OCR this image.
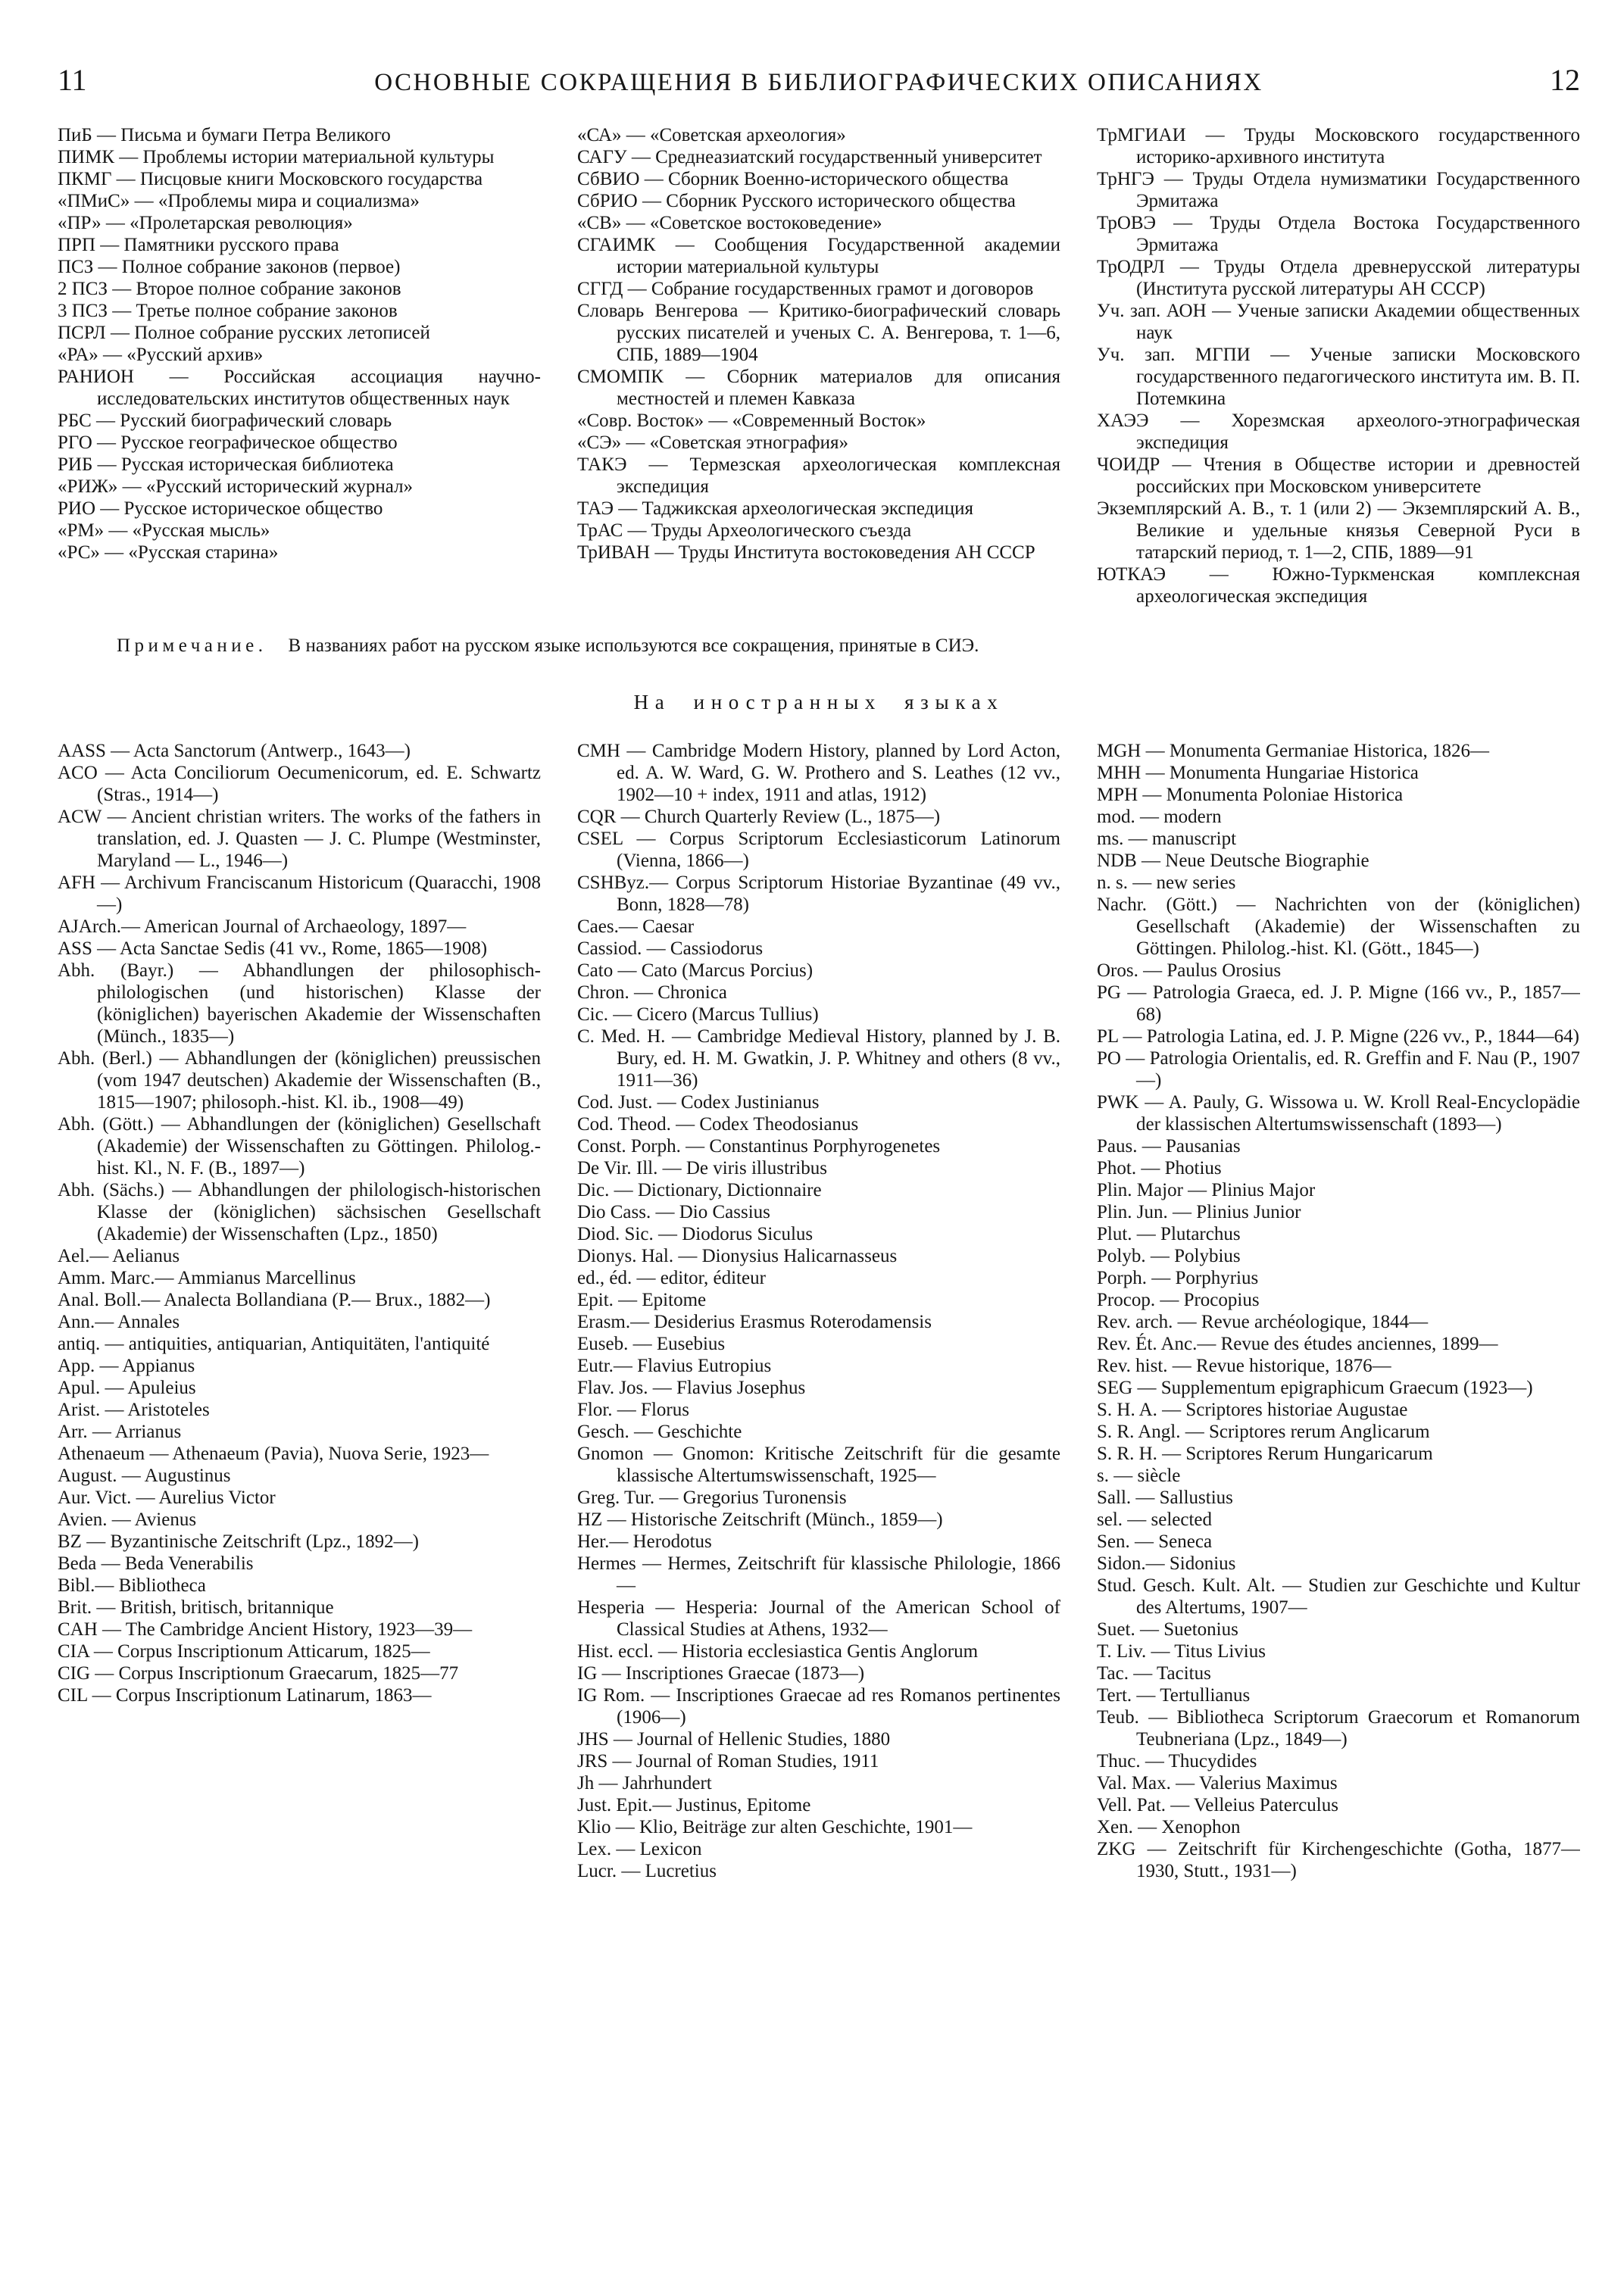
11	ОСНОВНЫЕ СОКРАЩЕНИЯ В БИБЛИОГРАФИЧЕСКИХ ОПИСАНИЯХ	12
ПиБ — Письма и бумаги Петра Великого
ПИМК — Проблемы истории материальной культуры
ПКМГ — Писцовые книги Московского государства
«ПМиС» — «Проблемы мира и социализма»
«ПР» — «Пролетарская революция»
ПРП — Памятники русского права
ПСЗ — Полное собрание законов (первое)
2 ПСЗ — Второе полное собрание законов
3 ПСЗ — Третье полное собрание законов
ПСРЛ — Полное собрание русских летописей
«РА» — «Русский архив»
РАНИОН — Российская ассоциация научно-исследовательских институтов общественных наук
РБС — Русский биографический словарь
РГО — Русское географическое общество
РИБ — Русская историческая библиотека
«РИЖ» — «Русский исторический журнал»
РИО — Русское историческое общество
«РМ» — «Русская мысль»
«РС» — «Русская старина»
«СА» — «Советская археология»
САГУ — Среднеазиатский государственный университет
СбВИО — Сборник Военно-исторического общества
СбРИО — Сборник Русского исторического общества
«СВ» — «Советское востоковедение»
СГАИМК — Сообщения Государственной академии истории материальной культуры
СГГД — Собрание государственных грамот и договоров
Словарь Венгерова — Критико-биографический словарь русских писателей и ученых С. А. Венгерова, т. 1—6, СПБ, 1889—1904
СМОМПК — Сборник материалов для описания местностей и племен Кавказа
«Совр. Восток» — «Современный Восток»
«СЭ» — «Советская этнография»
ТАКЭ — Термезская археологическая комплексная экспедиция
ТАЭ — Таджикская археологическая экспедиция
ТрАС — Труды Археологического съезда
ТрИВАН — Труды Института востоковедения АН СССР
ТрМГИАИ — Труды Московского государственного историко-архивного института
ТрНГЭ — Труды Отдела нумизматики Государственного Эрмитажа
ТрОВЭ — Труды Отдела Востока Государственного Эрмитажа
ТрОДРЛ — Труды Отдела древнерусской литературы (Института русской литературы АН СССР)
Уч. зап. АОН — Ученые записки Академии общественных наук
Уч. зап. МГПИ — Ученые записки Московского государственного педагогического института им. В. П. Потемкина
ХАЭЭ — Хорезмская археолого-этнографическая экспедиция
ЧОИДР — Чтения в Обществе истории и древностей российских при Московском университете
Экземплярский А. В., т. 1 (или 2) — Экземплярский А. В., Великие и удельные князья Северной Руси в татарский период, т. 1—2, СПБ, 1889—91
ЮТКАЭ — Южно-Туркменская комплексная археологическая экспедиция
Примечание. В названиях работ на русском языке используются все сокращения, принятые в СИЭ.
На иностранных языках
AASS — Acta Sanctorum (Antwerp., 1643—)
ACO — Acta Conciliorum Oecumenicorum, ed. E. Schwartz (Stras., 1914—)
ACW — Ancient christian writers. The works of the fathers in translation, ed. J. Quasten — J. C. Plumpe (Westminster, Maryland — L., 1946—)
AFH — Archivum Franciscanum Historicum (Quaracchi, 1908—)
AJArch.— American Journal of Archaeology, 1897—
ASS — Acta Sanctae Sedis (41 vv., Rome, 1865—1908)
Abh. (Bayr.) — Abhandlungen der philosophisch-philologischen (und historischen) Klasse der (königlichen) bayerischen Akademie der Wissenschaften (Münch., 1835—)
Abh. (Berl.) — Abhandlungen der (königlichen) preussischen (vom 1947 deutschen) Akademie der Wissenschaften (B., 1815—1907; philosoph.-hist. Kl. ib., 1908—49)
Abh. (Gött.) — Abhandlungen der (königlichen) Gesellschaft (Akademie) der Wissenschaften zu Göttingen. Philolog.-hist. Kl., N. F. (B., 1897—)
Abh. (Sächs.) — Abhandlungen der philologisch-historischen Klasse der (königlichen) sächsischen Gesellschaft (Akademie) der Wissenschaften (Lpz., 1850)
Ael.— Aelianus
Amm. Marc.— Ammianus Marcellinus
Anal. Boll.— Analecta Bollandiana (P.— Brux., 1882—)
Ann.— Annales
antiq. — antiquities, antiquarian, Antiquitäten, l'antiquité
App. — Appianus
Apul. — Apuleius
Arist. — Aristoteles
Arr. — Arrianus
Athenaeum — Athenaeum (Pavia), Nuova Serie, 1923—
August. — Augustinus
Aur. Vict. — Aurelius Victor
Avien. — Avienus
BZ — Byzantinische Zeitschrift (Lpz., 1892—)
Beda — Beda Venerabilis
Bibl.— Bibliotheca
Brit. — British, britisch, britannique
CAH — The Cambridge Ancient History, 1923—39—
CIA — Corpus Inscriptionum Atticarum, 1825—
CIG — Corpus Inscriptionum Graecarum, 1825—77
CIL — Corpus Inscriptionum Latinarum, 1863—
CMH — Cambridge Modern History, planned by Lord Acton, ed. A. W. Ward, G. W. Prothero and S. Leathes (12 vv., 1902—10 + index, 1911 and atlas, 1912)
CQR — Church Quarterly Review (L., 1875—)
CSEL — Corpus Scriptorum Ecclesiasticorum Latinorum (Vienna, 1866—)
CSHByz.— Corpus Scriptorum Historiae Byzantinae (49 vv., Bonn, 1828—78)
Caes.— Caesar
Cassiod. — Cassiodorus
Cato — Cato (Marcus Porcius)
Chron. — Chronica
Cic. — Cicero (Marcus Tullius)
C. Med. H. — Cambridge Medieval History, planned by J. B. Bury, ed. H. M. Gwatkin, J. P. Whitney and others (8 vv., 1911—36)
Cod. Just. — Codex Justinianus
Cod. Theod. — Codex Theodosianus
Const. Porph. — Constantinus Porphyrogenetes
De Vir. Ill. — De viris illustribus
Dic. — Dictionary, Dictionnaire
Dio Cass. — Dio Cassius
Diod. Sic. — Diodorus Siculus
Dionys. Hal. — Dionysius Halicarnasseus
ed., éd. — editor, éditeur
Epit. — Epitome
Erasm.— Desiderius Erasmus Roterodamensis
Euseb. — Eusebius
Eutr.— Flavius Eutropius
Flav. Jos. — Flavius Josephus
Flor. — Florus
Gesch. — Geschichte
Gnomon — Gnomon: Kritische Zeitschrift für die gesamte klassische Altertumswissenschaft, 1925—
Greg. Tur. — Gregorius Turonensis
HZ — Historische Zeitschrift (Münch., 1859—)
Her.— Herodotus
Hermes — Hermes, Zeitschrift für klassische Philologie, 1866—
Hesperia — Hesperia: Journal of the American School of Classical Studies at Athens, 1932—
Hist. eccl. — Historia ecclesiastica Gentis Anglorum
IG — Inscriptiones Graecae (1873—)
IG Rom. — Inscriptiones Graecae ad res Romanos pertinentes (1906—)
JHS — Journal of Hellenic Studies, 1880
JRS — Journal of Roman Studies, 1911
Jh — Jahrhundert
Just. Epit.— Justinus, Epitome
Klio — Klio, Beiträge zur alten Geschichte, 1901—
Lex. — Lexicon
Lucr. — Lucretius
MGH — Monumenta Germaniae Historica, 1826—
MHH — Monumenta Hungariae Historica
MPH — Monumenta Poloniae Historica
mod. — modern
ms. — manuscript
NDB — Neue Deutsche Biographie
n. s. — new series
Nachr. (Gött.) — Nachrichten von der (königlichen) Gesellschaft (Akademie) der Wissenschaften zu Göttingen. Philolog.-hist. Kl. (Gött., 1845—)
Oros. — Paulus Orosius
PG — Patrologia Graeca, ed. J. P. Migne (166 vv., P., 1857—68)
PL — Patrologia Latina, ed. J. P. Migne (226 vv., P., 1844—64)
PO — Patrologia Orientalis, ed. R. Greffin and F. Nau (P., 1907—)
PWK — A. Pauly, G. Wissowa u. W. Kroll Real-Encyclopädie der klassischen Altertumswissenschaft (1893—)
Paus. — Pausanias
Phot. — Photius
Plin. Major — Plinius Major
Plin. Jun. — Plinius Junior
Plut. — Plutarchus
Polyb. — Polybius
Porph. — Porphyrius
Procop. — Procopius
Rev. arch. — Revue archéologique, 1844—
Rev. Ét. Anc.— Revue des études anciennes, 1899—
Rev. hist. — Revue historique, 1876—
SEG — Supplementum epigraphicum Graecum (1923—)
S. H. A. — Scriptores historiae Augustae
S. R. Angl. — Scriptores rerum Anglicarum
S. R. H. — Scriptores Rerum Hungaricarum
s. — siècle
Sall. — Sallustius
sel. — selected
Sen. — Seneca
Sidon.— Sidonius
Stud. Gesch. Kult. Alt. — Studien zur Geschichte und Kultur des Altertums, 1907—
Suet. — Suetonius
T. Liv. — Titus Livius
Tac. — Tacitus
Tert. — Tertullianus
Teub. — Bibliotheca Scriptorum Graecorum et Romanorum Teubneriana (Lpz., 1849—)
Thuc. — Thucydides
Val. Max. — Valerius Maximus
Vell. Pat. — Velleius Paterculus
Xen. — Xenophon
ZKG — Zeitschrift für Kirchengeschichte (Gotha, 1877—1930, Stutt., 1931—)
